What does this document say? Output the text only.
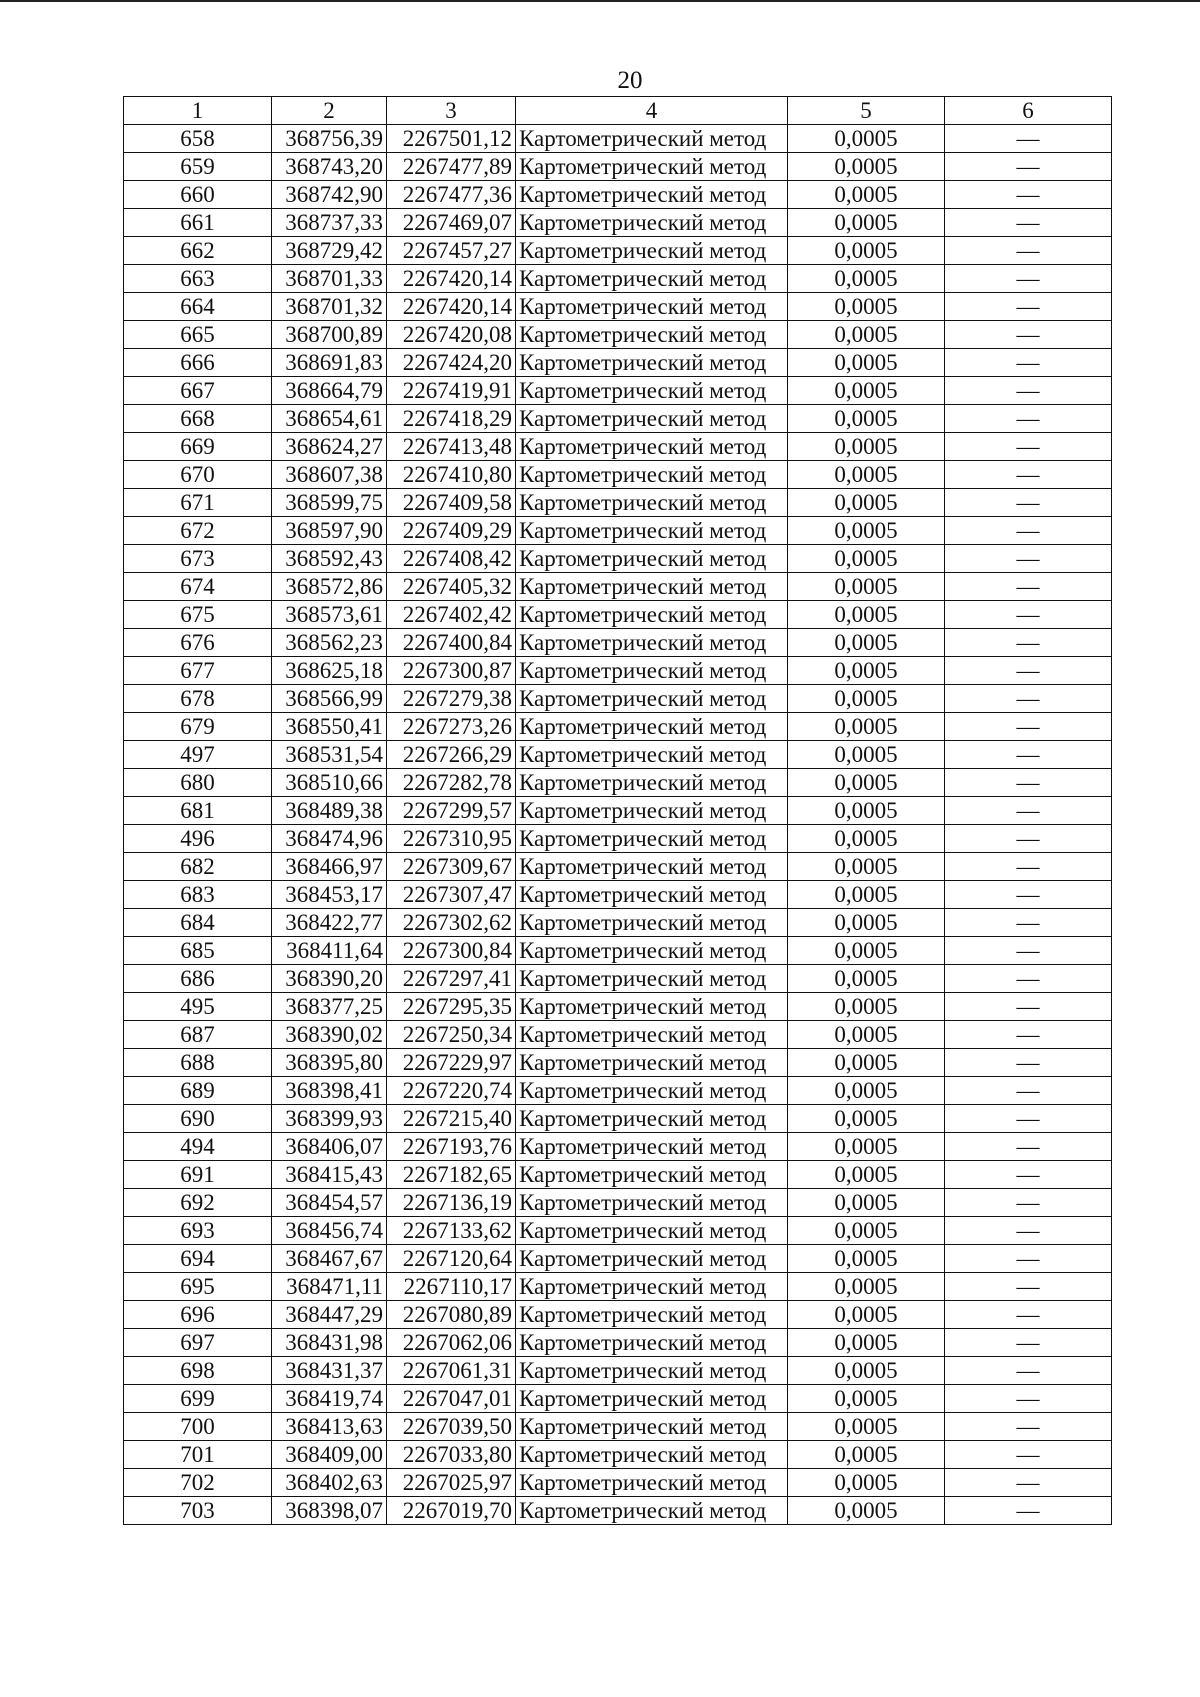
20
1	2	3	4	5	6
658	368756,39	2267501,12	Картометрический метод	0,0005	—
659	368743,20	2267477,89	Картометрический метод	0,0005	—
660	368742,90	2267477,36	Картометрический метод	0,0005	—
661	368737,33	2267469,07	Картометрический метод	0,0005	—
662	368729,42	2267457,27	Картометрический метод	0,0005	—
663	368701,33	2267420,14	Картометрический метод	0,0005	—
664	368701,32	2267420,14	Картометрический метод	0,0005	—
665	368700,89	2267420,08	Картометрический метод	0,0005	—
666	368691,83	2267424,20	Картометрический метод	0,0005	—
667	368664,79	2267419,91	Картометрический метод	0,0005	—
668	368654,61	2267418,29	Картометрический метод	0,0005	—
669	368624,27	2267413,48	Картометрический метод	0,0005	—
670	368607,38	2267410,80	Картометрический метод	0,0005	—
671	368599,75	2267409,58	Картометрический метод	0,0005	—
672	368597,90	2267409,29	Картометрический метод	0,0005	—
673	368592,43	2267408,42	Картометрический метод	0,0005	—
674	368572,86	2267405,32	Картометрический метод	0,0005	—
675	368573,61	2267402,42	Картометрический метод	0,0005	—
676	368562,23	2267400,84	Картометрический метод	0,0005	—
677	368625,18	2267300,87	Картометрический метод	0,0005	—
678	368566,99	2267279,38	Картометрический метод	0,0005	—
679	368550,41	2267273,26	Картометрический метод	0,0005	—
497	368531,54	2267266,29	Картометрический метод	0,0005	—
680	368510,66	2267282,78	Картометрический метод	0,0005	—
681	368489,38	2267299,57	Картометрический метод	0,0005	—
496	368474,96	2267310,95	Картометрический метод	0,0005	—
682	368466,97	2267309,67	Картометрический метод	0,0005	—
683	368453,17	2267307,47	Картометрический метод	0,0005	—
684	368422,77	2267302,62	Картометрический метод	0,0005	—
685	368411,64	2267300,84	Картометрический метод	0,0005	—
686	368390,20	2267297,41	Картометрический метод	0,0005	—
495	368377,25	2267295,35	Картометрический метод	0,0005	—
687	368390,02	2267250,34	Картометрический метод	0,0005	—
688	368395,80	2267229,97	Картометрический метод	0,0005	—
689	368398,41	2267220,74	Картометрический метод	0,0005	—
690	368399,93	2267215,40	Картометрический метод	0,0005	—
494	368406,07	2267193,76	Картометрический метод	0,0005	—
691	368415,43	2267182,65	Картометрический метод	0,0005	—
692	368454,57	2267136,19	Картометрический метод	0,0005	—
693	368456,74	2267133,62	Картометрический метод	0,0005	—
694	368467,67	2267120,64	Картометрический метод	0,0005	—
695	368471,11	2267110,17	Картометрический метод	0,0005	—
696	368447,29	2267080,89	Картометрический метод	0,0005	—
697	368431,98	2267062,06	Картометрический метод	0,0005	—
698	368431,37	2267061,31	Картометрический метод	0,0005	—
699	368419,74	2267047,01	Картометрический метод	0,0005	—
700	368413,63	2267039,50	Картометрический метод	0,0005	—
701	368409,00	2267033,80	Картометрический метод	0,0005	—
702	368402,63	2267025,97	Картометрический метод	0,0005	—
703	368398,07	2267019,70	Картометрический метод	0,0005	—
